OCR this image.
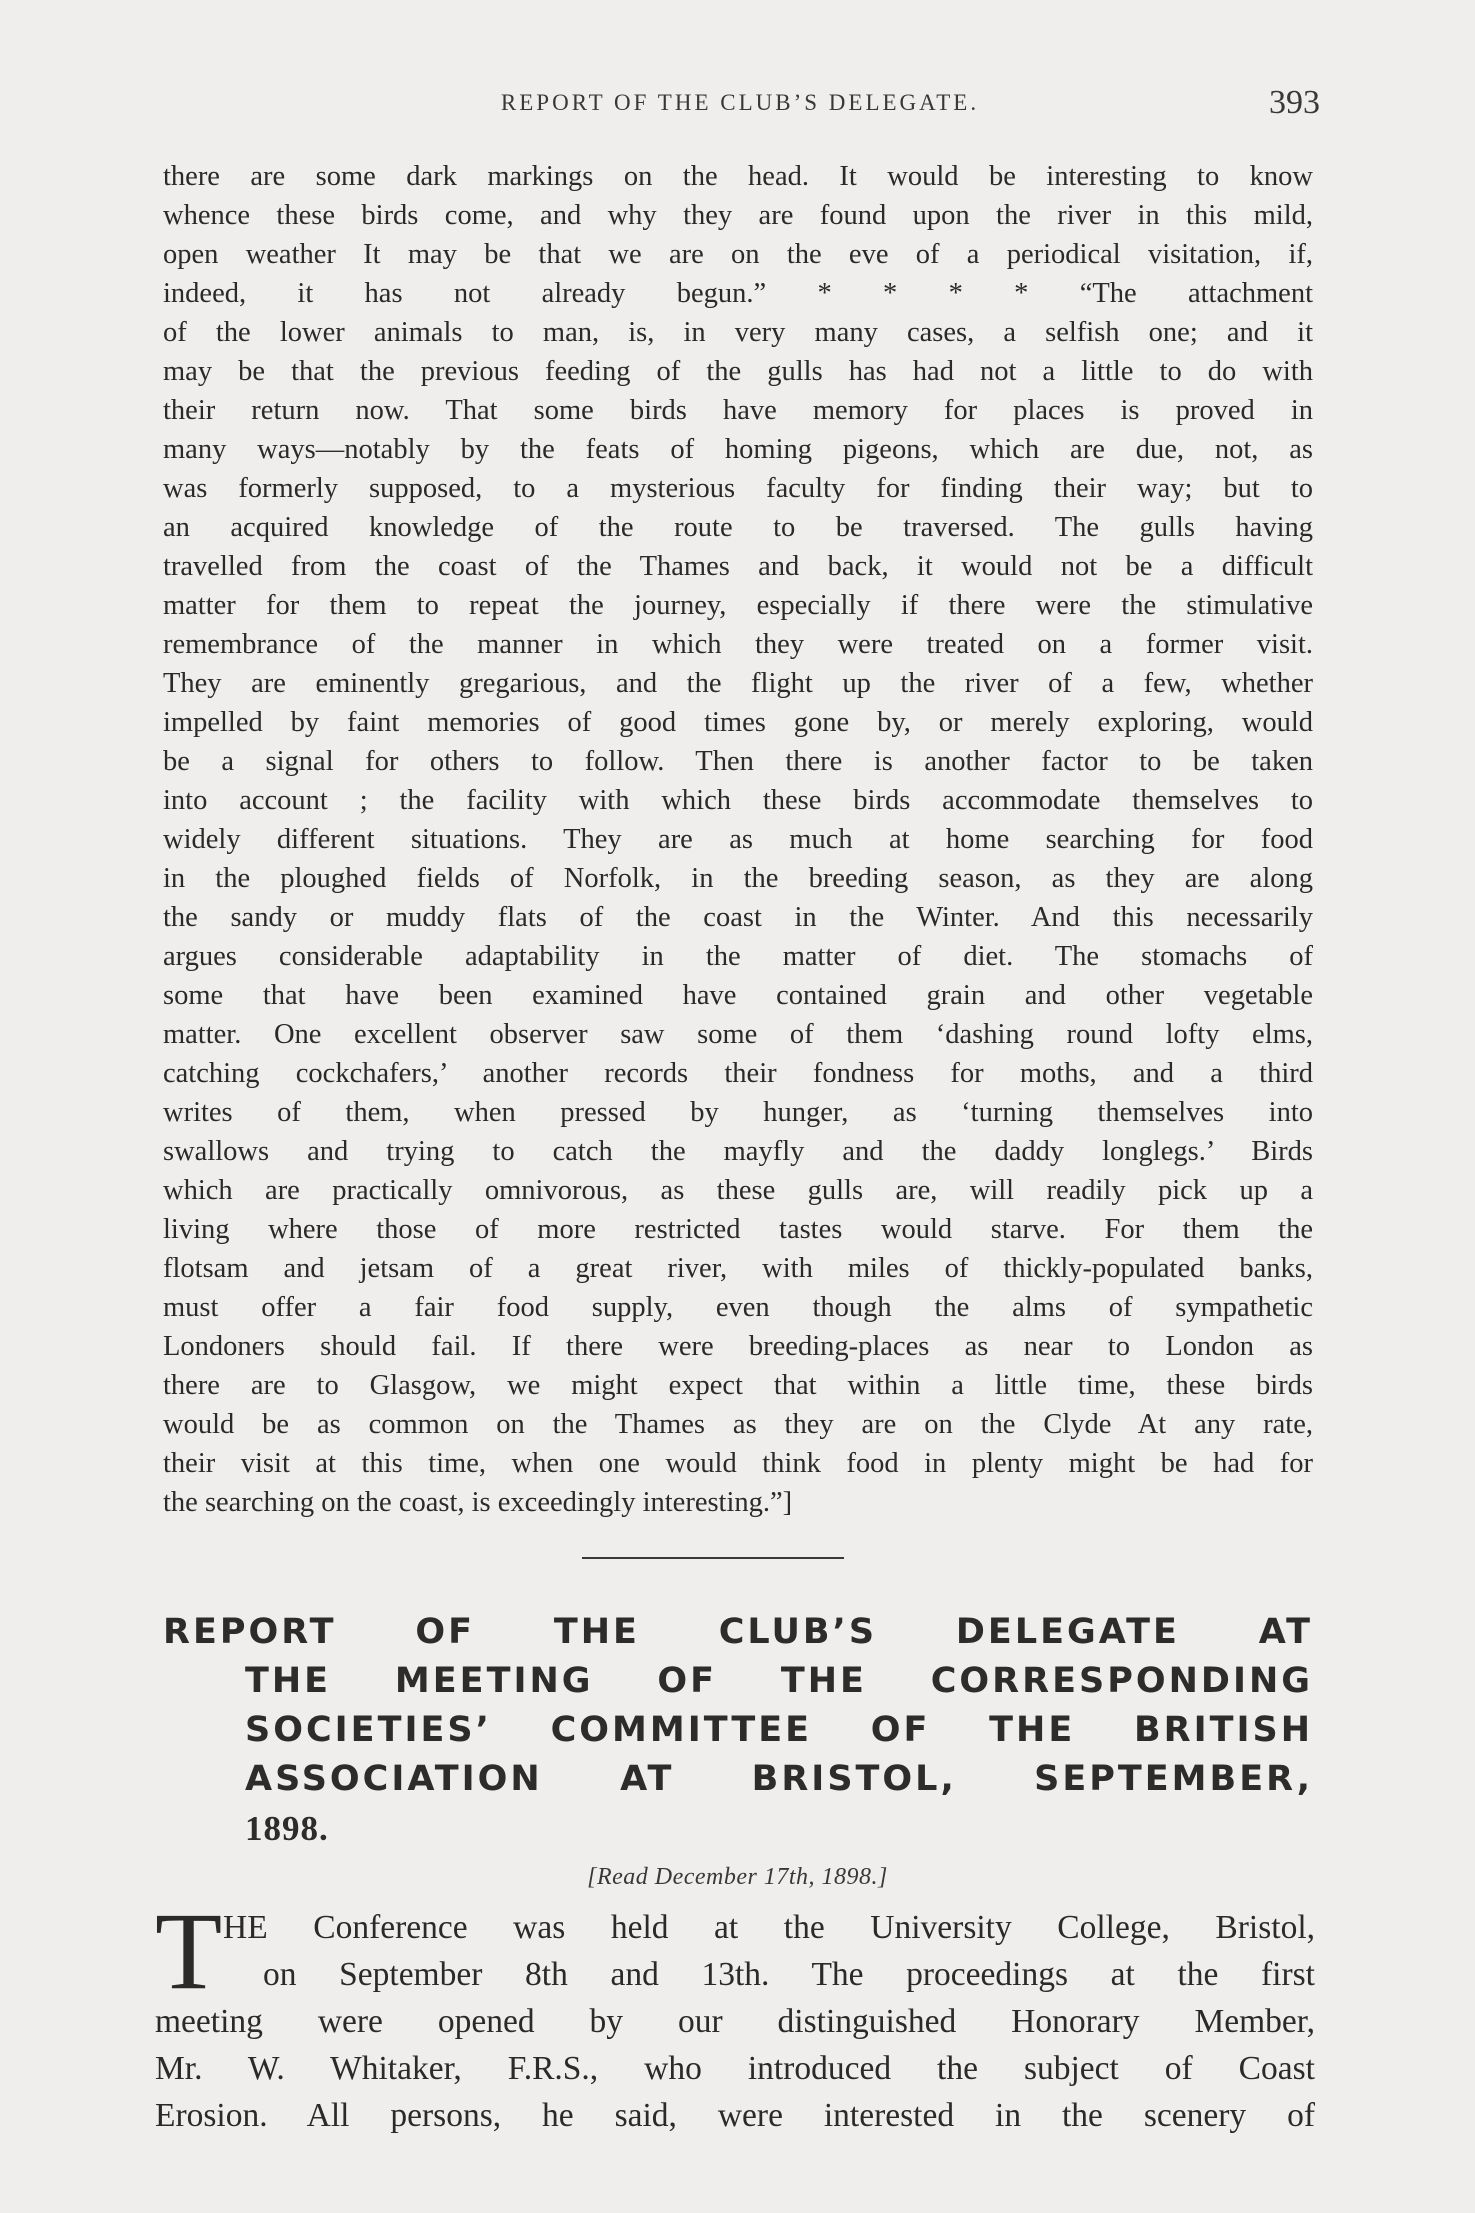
REPORT OF THE CLUB’S DELEGATE.	393
there are some dark markings on the head. It would be interesting to know
whence these birds come, and why they are found upon the river in this mild,
open weather It may be that we are on the eve of a periodical visitation, if,
indeed, it has not already begun.” * * * * “The attachment
of the lower animals to man, is, in very many cases, a selfish one; and it
may be that the previous feeding of the gulls has had not a little to do with
their return now. That some birds have memory for places is proved in
many ways—notably by the feats of homing pigeons, which are due, not, as
was formerly supposed, to a mysterious faculty for finding their way; but to
an acquired knowledge of the route to be traversed. The gulls having
travelled from the coast of the Thames and back, it would not be a difficult
matter for them to repeat the journey, especially if there were the stimulative
remembrance of the manner in which they were treated on a former visit.
They are eminently gregarious, and the flight up the river of a few, whether
impelled by faint memories of good times gone by, or merely exploring, would
be a signal for others to follow. Then there is another factor to be taken
into account ; the facility with which these birds accommodate themselves to
widely different situations. They are as much at home searching for food
in the ploughed fields of Norfolk, in the breeding season, as they are along
the sandy or muddy flats of the coast in the Winter. And this necessarily
argues considerable adaptability in the matter of diet. The stomachs of
some that have been examined have contained grain and other vegetable
matter. One excellent observer saw some of them ‘dashing round lofty elms,
catching cockchafers,’ another records their fondness for moths, and a third
writes of them, when pressed by hunger, as ‘turning themselves into
swallows and trying to catch the mayfly and the daddy longlegs.’ Birds
which are practically omnivorous, as these gulls are, will readily pick up a
living where those of more restricted tastes would starve. For them the
flotsam and jetsam of a great river, with miles of thickly-populated banks,
must offer a fair food supply, even though the alms of sympathetic
Londoners should fail. If there were breeding-places as near to London as
there are to Glasgow, we might expect that within a little time, these birds
would be as common on the Thames as they are on the Clyde At any rate,
their visit at this time, when one would think food in plenty might be had for
the searching on the coast, is exceedingly interesting.”]
REPORT OF THE CLUB’S DELEGATE AT
THE MEETING OF THE CORRESPONDING
SOCIETIES’ COMMITTEE OF THE BRITISH
ASSOCIATION AT BRISTOL, SEPTEMBER,
1898.
[Read December 17th, 1898.]
T HE Conference was held at the University College, Bristol,
on September 8th and 13th. The proceedings at the first
meeting were opened by our distinguished Honorary Member,
Mr. W. Whitaker, F.R.S., who introduced the subject of Coast
Erosion. All persons, he said, were interested in the scenery of
